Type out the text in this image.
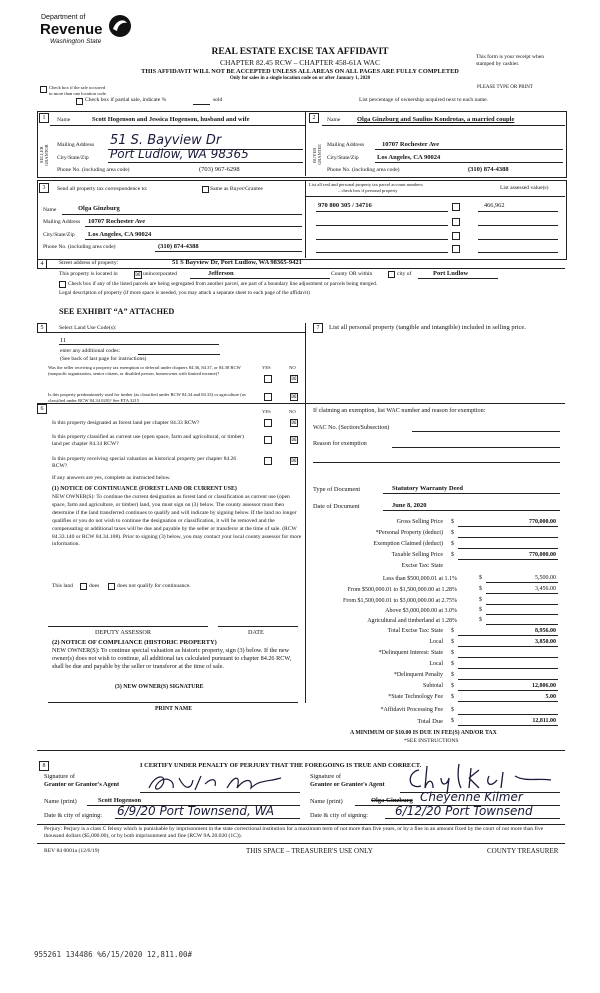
Department of
Revenue
Washington State
REAL ESTATE EXCISE TAX AFFIDAVIT
CHAPTER 82.45 RCW – CHAPTER 458-61A WAC
THIS AFFIDAVIT WILL NOT BE ACCEPTED UNLESS ALL AREAS ON ALL PAGES ARE FULLY COMPLETED
Only for sales in a single location code on or after January 1, 2020
This form is your receipt when
stamped by cashier.
PLEASE TYPE OR PRINT
Check box if the sale occurred
in more than one location code.
Check box if partial sale, indicate %	sold	List percentage of ownership acquired next to each name.
1
SELLER GRANTOR
Name	Scott Hogenson and Jessica Hogenson, husband and wife
Mailing Address 51 S. Bayview Dr
City/State/Zip Port Ludlow, WA 98365
Phone No. (including area code)	(703) 967-6298
2
BUYER GRANTEE
Name	Olga Ginzburg and Saulius Kondrotas, a married couple
Mailing Address	10707 Rochester Ave
City/State/Zip	Los Angeles, CA 90024
Phone No. (including area code)	(310) 874-4388
3	Send all property tax correspondence to:	Same as Buyer/Grantee
Name	Olga Ginzburg
Mailing Address 10707 Rochester Ave
City/State/Zip Los Angeles, CA 90024
Phone No. (including area code)	(310) 874-4388
List all real and personal property tax parcel account numbers
– check box if personal property	List assessed value(s)
970 800 305 / 34716	466,962
4	Street address of property:	51 S Bayview Dr, Port Ludlow, WA 98365-9421
This property is located in	☒ unincorporated	Jefferson	County OR within	city of	Port Ludlow
Check box if any of the listed parcels are being segregated from another parcel, are part of a boundary line adjustment or parcels being merged.
Legal description of property (if more space is needed, you may attach a separate sheet to each page of the affidavit)
SEE EXHIBIT “A” ATTACHED
5	Select Land Use Code(s):
11
enter any additional codes:
(See back of last page for instructions)
YES	NO
Was the seller receiving a property tax exemption or deferral under chapters 84.36, 84.37, or 84.38 RCW (nonprofit organization, senior citizen, or disabled person, homeowner with limited income)?
☒
Is this property predominately used for timber (as classified under RCW 84.34 and 84.33) or agriculture (as classified under RCW 84.34.020)? See ETA 3215
☒
7	List all personal property (tangible and intangible) included in selling price.
6	YES	NO
Is this property designated as forest land per chapter 84.33 RCW?	☒
Is this property classified as current use (open space, farm and agricultural, or timber) land per chapter 84.34 RCW?
☒
Is this property receiving special valuation as historical property per chapter 84.26 RCW?
☒
If any answers are yes, complete as instructed below.
(1) NOTICE OF CONTINUANCE (FOREST LAND OR CURRENT USE)
NEW OWNER(S): To continue the current designation as forest land or classification as current use (open space, farm and agriculture, or timber) land, you must sign on (3) below. The county assessor must then determine if the land transferred continues to qualify and will indicate by signing below. If the land no longer qualifies or you do not wish to continue the designation or classification, it will be removed and the compensating or additional taxes will be due and payable by the seller or transferor at the time of sale. (RCW 84.33.140 or RCW 84.34.108). Prior to signing (3) below, you may contact your local county assessor for more information.
This land	does	does not qualify for continuance.
DEPUTY ASSESSOR	DATE
(2) NOTICE OF COMPLIANCE (HISTORIC PROPERTY)
NEW OWNER(S): To continue special valuation as historic property, sign (3) below. If the new owner(s) does not wish to continue, all additional tax calculated pursuant to chapter 84.26 RCW, shall be due and payable by the seller or transferor at the time of sale.
(3) NEW OWNER(S) SIGNATURE
PRINT NAME
If claiming an exemption, list WAC number and reason for exemption:
WAC No. (Section/Subsection)
Reason for exemption
Type of Document	Statutory Warranty Deed
Date of Document	June 8, 2020
Gross Selling Price $	770,000.00
*Personal Property (deduct) $
Exemption Claimed (deduct) $
Taxable Selling Price $	770,000.00
Excise Tax: State
Less than $500,000.01 at 1.1%	$	5,500.00
From $500,000.01 to $1,500,000.00 at 1.28%	$	3,456.00
From $1,500,000.01 to $3,000,000.00 at 2.75%	$
Above $3,000,000.00 at 3.0%	$
Agricultural and timberland at 1.28%	$
Total Excise Tax: State $	8,956.00
Local $	3,850.00
*Delinquent Interest: State $
Local $
*Delinquent Penalty $
Subtotal $	12,806.00
*State Technology Fee $	5.00
*Affidavit Processing Fee $
Total Due $	12,811.00
A MINIMUM OF $10.00 IS DUE IN FEE(S) AND/OR TAX
*SEE INSTRUCTIONS
8	I CERTIFY UNDER PENALTY OF PERJURY THAT THE FOREGOING IS TRUE AND CORRECT.
Signature of
Grantor or Grantor's Agent
Name (print)	Scott Hogenson
Date & city of signing: 6/9/20 Port Townsend, WA
Signature of
Grantee or Grantee's Agent
Name (print)	Olga Ginzburg Cheyenne Kilmer
Date & city of signing: 6/12/20 Port Townsend
Perjury: Perjury is a class C felony which is punishable by imprisonment in the state correctional institution for a maximum term of not more than five years, or by a fine in an amount fixed by the court of not more than five thousand dollars ($5,000.00), or by both imprisonment and fine (RCW 9A.20.020 (1C)).
REV 84 0001a (12/6/19)	THIS SPACE – TREASURER'S USE ONLY	COUNTY TREASURER
955261 134486 %6/15/2020 12,811.00#
